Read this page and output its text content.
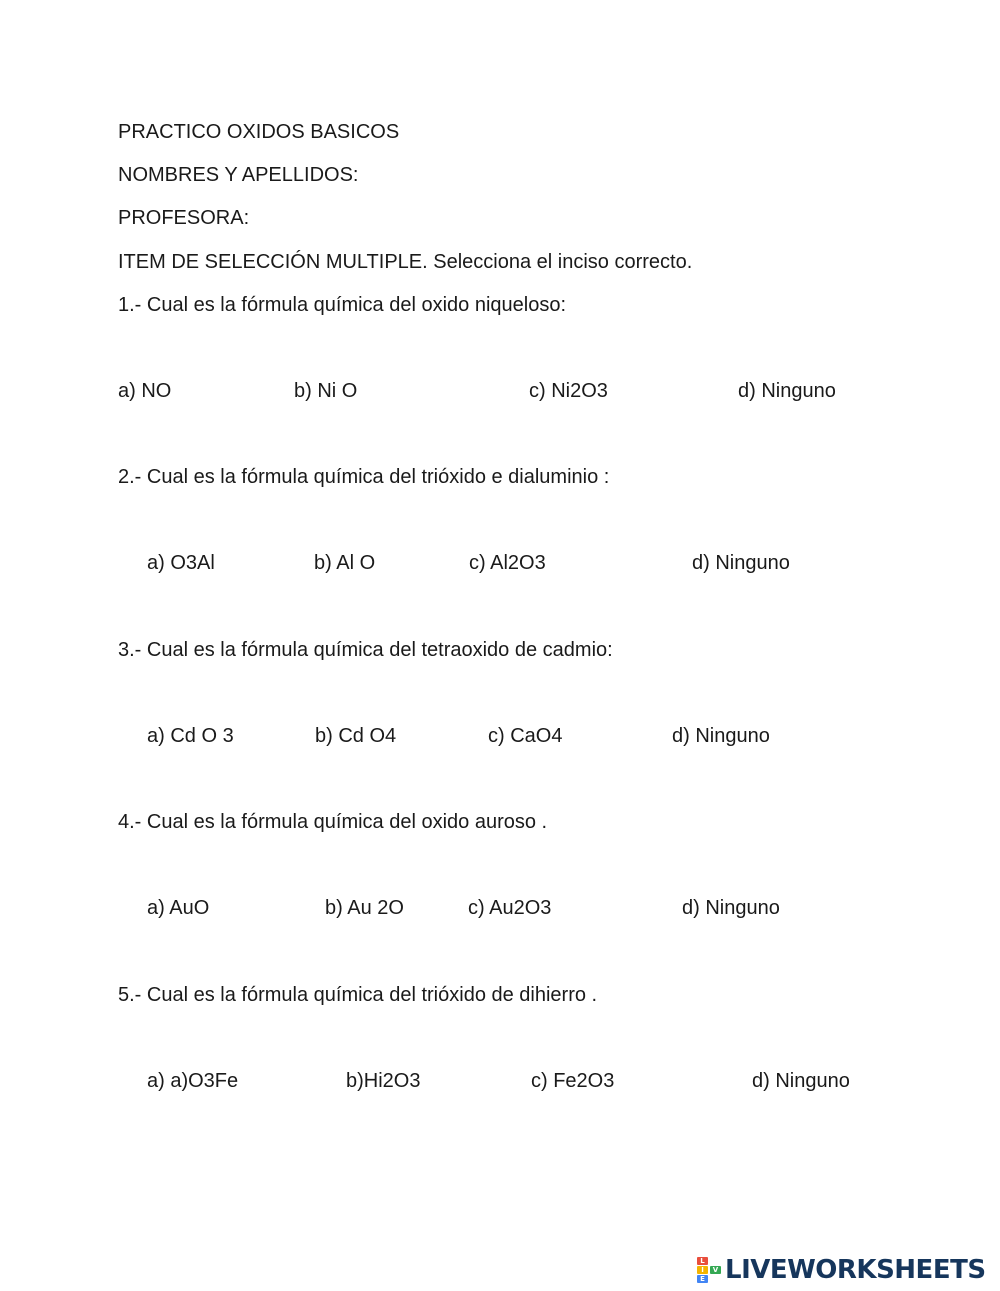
PRACTICO OXIDOS BASICOS
NOMBRES Y APELLIDOS:
PROFESORA:
ITEM DE SELECCIÓN MULTIPLE. Selecciona el inciso correcto.
1.- Cual es la fórmula química del oxido niqueloso:
a) NO	b) Ni O	c) Ni2O3	d) Ninguno
2.- Cual es la fórmula química del trióxido e dialuminio :
a) O3Al	b) Al O	c) Al2O3	d) Ninguno
3.- Cual es la fórmula química del tetraoxido de cadmio:
a) Cd O 3	b) Cd O4	c) CaO4	d) Ninguno
4.- Cual es la fórmula química del oxido auroso .
a) AuO	b) Au 2O	c) Au2O3	d) Ninguno
5.- Cual es la fórmula química del trióxido de dihierro .
a) a)O3Fe	b)Hi2O3	c) Fe2O3	d) Ninguno
L
I	V
E LIVEWORKSHEETS
